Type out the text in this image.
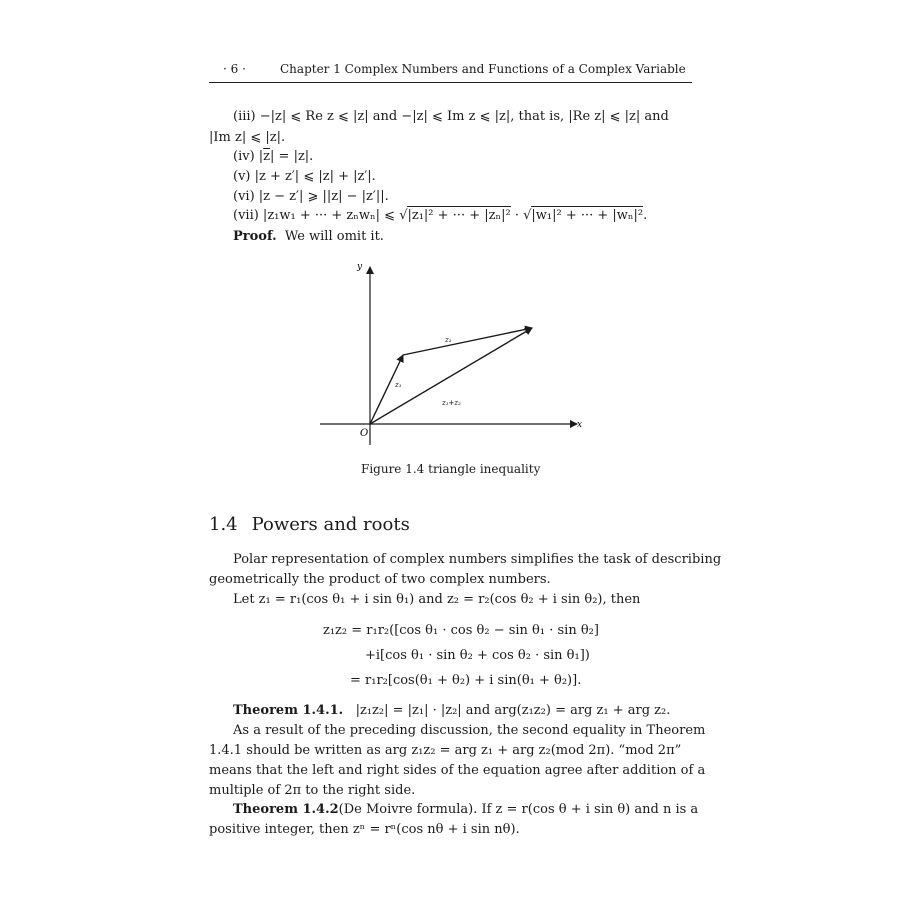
· 6 ·	Chapter 1 Complex Numbers and Functions of a Complex Variable
(iii) −|z| ⩽ Re z ⩽ |z| and −|z| ⩽ Im z ⩽ |z|, that is, |Re z| ⩽ |z| and
|Im z| ⩽ |z|.
(iv) $|\overline{z}| = |z|$.
(v) |z + z′| ⩽ |z| + |z′|.
(vi) |z − z′| ⩾ ||z| − |z′||.
(vii) |z₁w₁ + ··· + zₙwₙ| ⩽ √|z₁|² + ··· + |zₙ|² · √|w₁|² + ··· + |wₙ|².
Proof. We will omit it.
y
x
O
z₁
z₂
z₁+z₂
Figure 1.4 triangle inequality
1.4 Powers and roots
Polar representation of complex numbers simplifies the task of describing
geometrically the product of two complex numbers.
Let z₁ = r₁(cos θ₁ + i sin θ₁) and z₂ = r₂(cos θ₂ + i sin θ₂), then
z₁z₂ = r₁r₂([cos θ₁ · cos θ₂ − sin θ₁ · sin θ₂]
+i[cos θ₁ · sin θ₂ + cos θ₂ · sin θ₁])
= r₁r₂[cos(θ₁ + θ₂) + i sin(θ₁ + θ₂)].
Theorem 1.4.1. |z₁z₂| = |z₁| · |z₂| and arg(z₁z₂) = arg z₁ + arg z₂.
As a result of the preceding discussion, the second equality in Theorem
1.4.1 should be written as arg z₁z₂ = arg z₁ + arg z₂(mod 2π). “mod 2π”
means that the left and right sides of the equation agree after addition of a
multiple of 2π to the right side.
Theorem 1.4.2(De Moivre formula). If z = r(cos θ + i sin θ) and n is a
positive integer, then zⁿ = rⁿ(cos nθ + i sin nθ).
